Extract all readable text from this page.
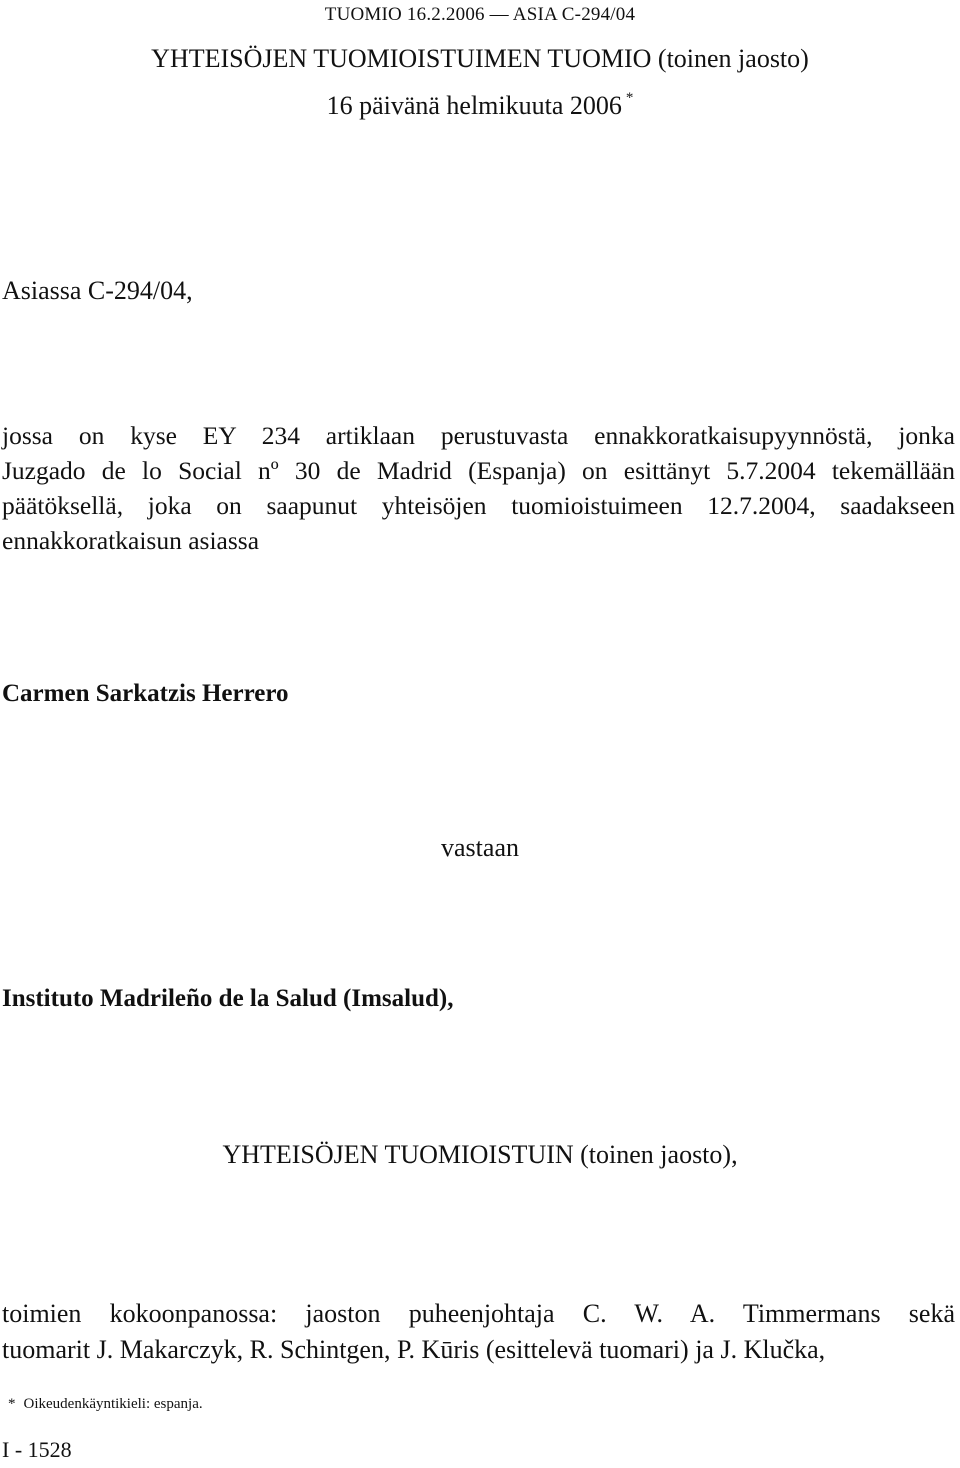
TUOMIO 16.2.2006 — ASIA C-294/04
YHTEISÖJEN TUOMIOISTUIMEN TUOMIO (toinen jaosto)
16 päivänä helmikuuta 2006 *
Asiassa C-294/04,
jossa on kyse EY 234 artiklaan perustuvasta ennakkoratkaisupyynnöstä, jonka
Juzgado de lo Social nº 30 de Madrid (Espanja) on esittänyt 5.7.2004 tekemällään
päätöksellä, joka on saapunut yhteisöjen tuomioistuimeen 12.7.2004, saadakseen
ennakkoratkaisun asiassa
Carmen Sarkatzis Herrero
vastaan
Instituto Madrileño de la Salud (Imsalud),
YHTEISÖJEN TUOMIOISTUIN (toinen jaosto),
toimien kokoonpanossa: jaoston puheenjohtaja C. W. A. Timmermans sekä
tuomarit J. Makarczyk, R. Schintgen, P. Kūris (esittelevä tuomari) ja J. Klučka,
* Oikeudenkäyntikieli: espanja.
I - 1528
